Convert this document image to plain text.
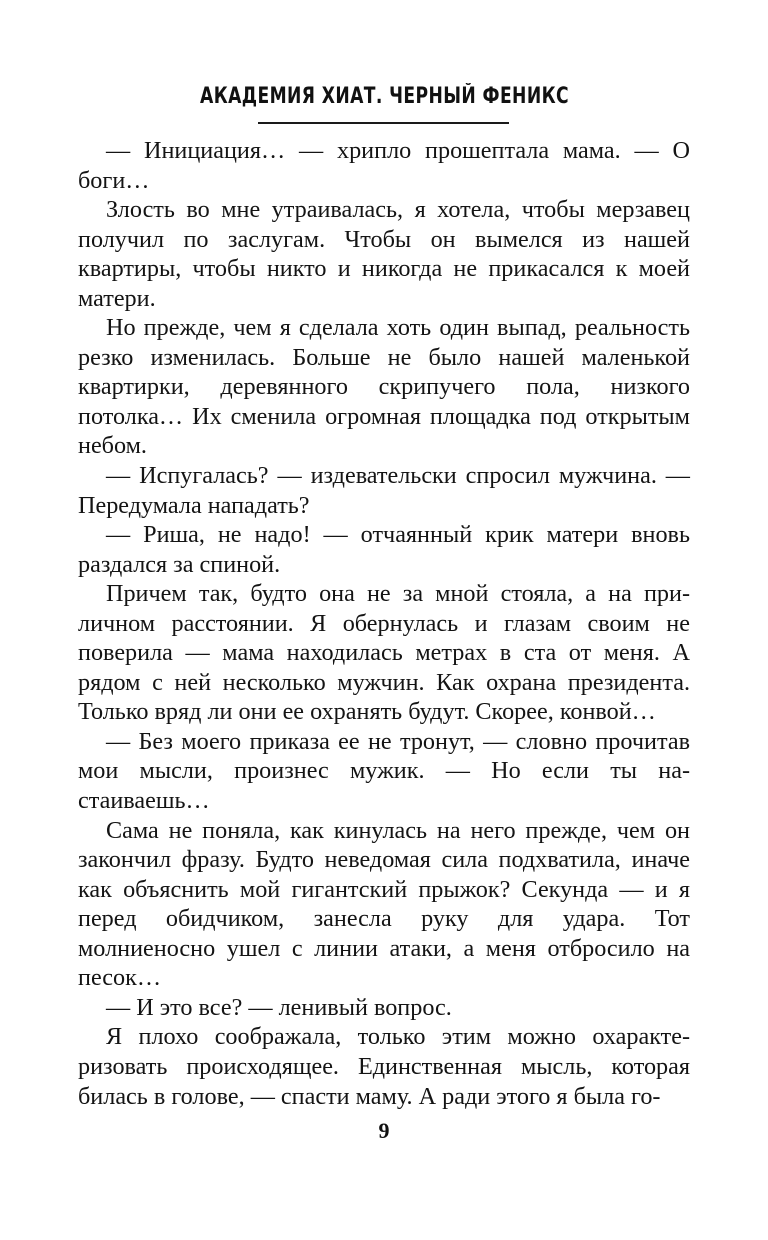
АКАДЕМИЯ ХИАТ. ЧЕРНЫЙ ФЕНИКС

— Инициация… — хрипло прошептала мама. — О боги…

Злость во мне утраивалась, я хотела, чтобы мерзавец получил по заслугам. Чтобы он вымелся из нашей квартиры, чтобы никто и никогда не прикасался к моей матери.

Но прежде, чем я сделала хоть один выпад, реальность резко изменилась. Больше не было нашей маленькой квартирки, деревянного скрипучего пола, низкого потолка… Их сменила огромная площадка под открытым небом.

— Испугалась? — издевательски спросил мужчина. — Передумала нападать?

— Риша, не надо! — отчаянный крик матери вновь раздался за спиной.

Причем так, будто она не за мной стояла, а на приличном расстоянии. Я обернулась и глазам своим не поверила — мама находилась метрах в ста от меня. А рядом с ней несколько мужчин. Как охрана президента. Только вряд ли они ее охранять будут. Скорее, конвой…

— Без моего приказа ее не тронут, — словно прочитав мои мысли, произнес мужик. — Но если ты настаиваешь…

Сама не поняла, как кинулась на него прежде, чем он закончил фразу. Будто неведомая сила подхватила, иначе как объяснить мой гигантский прыжок? Секунда — и я перед обидчиком, занесла руку для удара. Тот молниеносно ушел с линии атаки, а меня отбросило на песок…

— И это все? — ленивый вопрос.

Я плохо соображала, только этим можно охарактеризовать происходящее. Единственная мысль, которая билась в голове, — спасти маму. А ради этого я была го-

9
